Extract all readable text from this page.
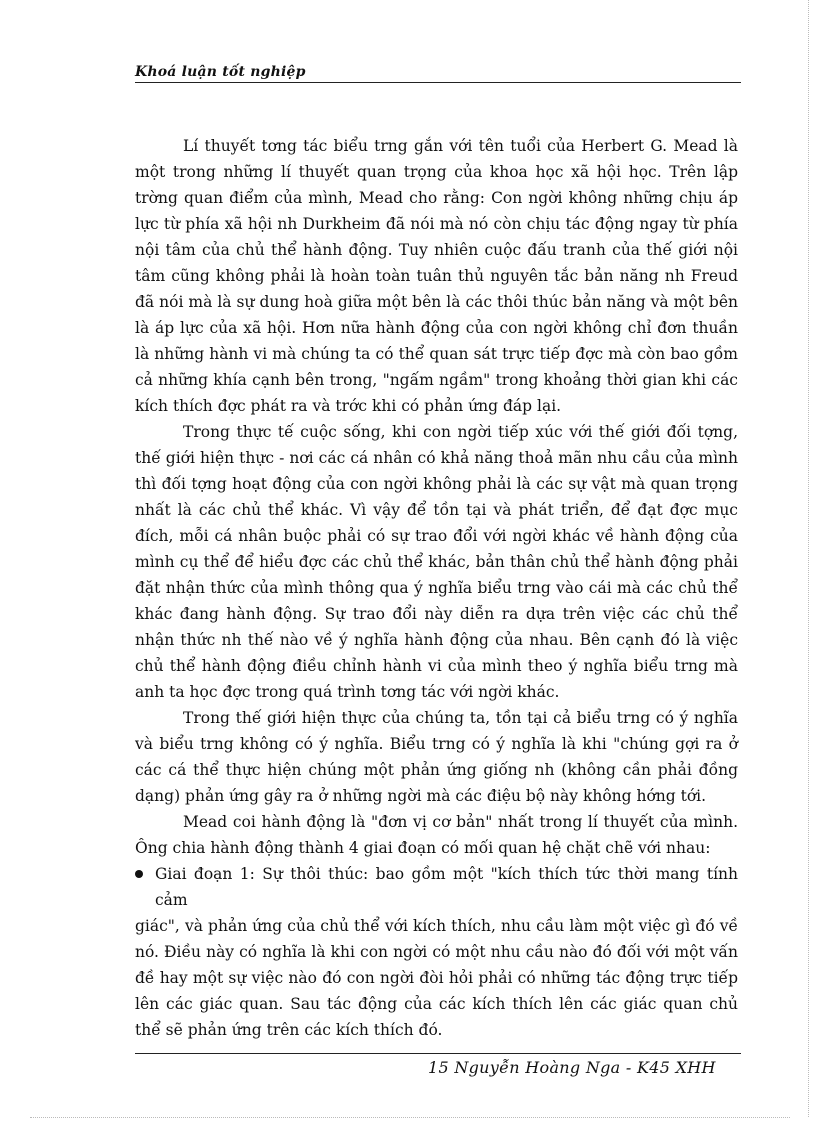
Khoá luận tốt nghiệp

Lí thuyết tơng tác biểu trng gắn với tên tuổi của Herbert G. Mead là một trong những lí thuyết quan trọng của khoa học xã hội học. Trên lập trờng quan điểm của mình, Mead cho rằng: Con ngời không những chịu áp lực từ phía xã hội nh Durkheim đã nói mà nó còn chịu tác động ngay từ phía nội tâm của chủ thể hành động. Tuy nhiên cuộc đấu tranh của thế giới nội tâm cũng không phải là hoàn toàn tuân thủ nguyên tắc bản năng nh Freud đã nói mà là sự dung hoà giữa một bên là các thôi thúc bản năng và một bên là áp lực của xã hội. Hơn nữa hành động của con ngời không chỉ đơn thuần là những hành vi mà chúng ta có thể quan sát trực tiếp đợc mà còn bao gồm cả những khía cạnh bên trong, "ngấm ngầm" trong khoảng thời gian khi các kích thích đợc phát ra và trớc khi có phản ứng đáp lại.

Trong thực tế cuộc sống, khi con ngời tiếp xúc với thế giới đối tợng, thế giới hiện thực - nơi các cá nhân có khả năng thoả mãn nhu cầu của mình thì đối tợng hoạt động của con ngời không phải là các sự vật mà quan trọng nhất là các chủ thể khác. Vì vậy để tồn tại và phát triển, để đạt đợc mục đích, mỗi cá nhân buộc phải có sự trao đổi với ngời khác về hành động của mình cụ thể để hiểu đợc các chủ thể khác, bản thân chủ thể hành động phải đặt nhận thức của mình thông qua ý nghĩa biểu trng vào cái mà các chủ thể khác đang hành động. Sự trao đổi này diễn ra dựa trên việc các chủ thể nhận thức nh thế nào về ý nghĩa hành động của nhau. Bên cạnh đó là việc chủ thể hành động điều chỉnh hành vi của mình theo ý nghĩa biểu trng mà anh ta học đợc trong quá trình tơng tác với ngời khác.

Trong thế giới hiện thực của chúng ta, tồn tại cả biểu trng có ý nghĩa và biểu trng không có ý nghĩa. Biểu trng có ý nghĩa là khi "chúng gợi ra ở các cá thể thực hiện chúng một phản ứng giống nh (không cần phải đồng dạng) phản ứng gây ra ở những ngời mà các điệu bộ này không hớng tới.

Mead coi hành động là "đơn vị cơ bản" nhất trong lí thuyết của mình. Ông chia hành động thành 4 giai đoạn có mối quan hệ chặt chẽ với nhau:

Giai đoạn 1: Sự thôi thúc: bao gồm một "kích thích tức thời mang tính cảm

giác", và phản ứng của chủ thể với kích thích, nhu cầu làm một việc gì đó về nó. Điều này có nghĩa là khi con ngời có một nhu cầu nào đó đối với một vấn đề hay một sự việc nào đó con ngời đòi hỏi phải có những tác động trực tiếp lên các giác quan. Sau tác động của các kích thích lên các giác quan chủ thể sẽ phản ứng trên các kích thích đó.

15 Nguyễn Hoàng Nga - K45 XHH
